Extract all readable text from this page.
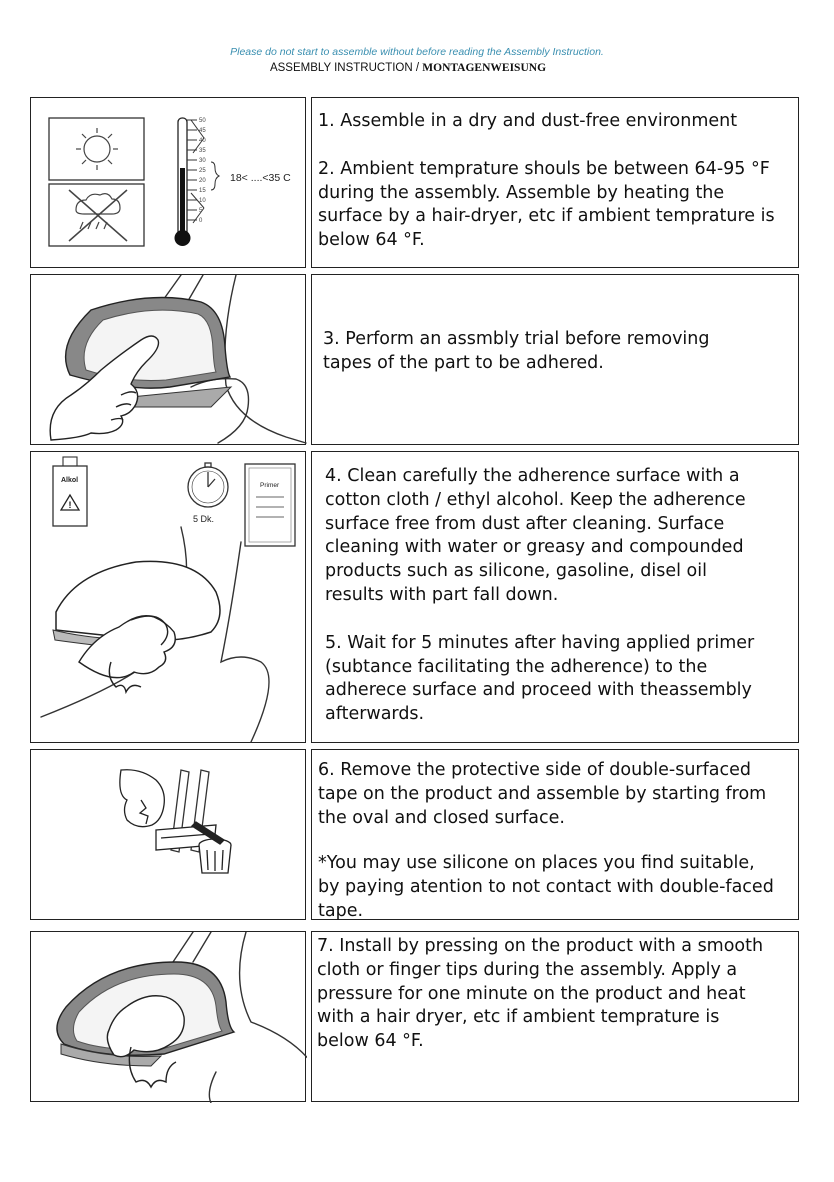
Please do not start to assemble without before reading the Assembly Instruction.
ASSEMBLY INSTRUCTION / MONTAGENWEISUNG
50
45
40
35
30
25
20
15
10
5
0
18< ....<35 C

1. Assemble in a dry and dust-free environment

2. Ambient temprature shouls be between 64-95 °F
during the assembly. Assemble by heating the
surface by a hair-dryer, etc if ambient temprature is
below 64 °F.

3. Perform an assmbly trial before removing
tapes of the part to be adhered.

!
Alkol
5 Dk.
Primer	4. Clean carefully the adherence surface with a
cotton cloth / ethyl alcohol. Keep the adherence
surface free from dust after cleaning. Surface
cleaning with water or greasy and compounded
products such as silicone, gasoline, disel oil
results with part fall down.

5. Wait for 5 minutes after having applied primer
(subtance facilitating the adherence) to the
adherece surface and proceed with theassembly
afterwards.

6. Remove the protective side of double-surfaced
tape on the product and assemble by starting from
the oval and closed surface.

*You may use silicone on places you find suitable,
by paying atention to not contact with double-faced
tape.

7. Install by pressing on the product with a smooth
cloth or finger tips during the assembly. Apply a
pressure for one minute on the product and heat
with a hair dryer, etc if ambient temprature is
below 64 °F.
